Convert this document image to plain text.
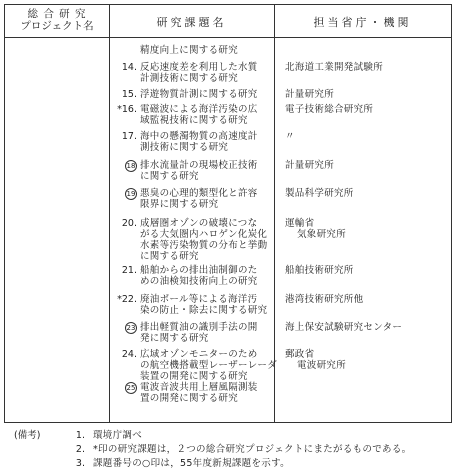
総 合 研 究
プロジェクト名	研究課題名	担当省庁・機関
精度向上に関する研究
14. 反応速度差を利用した水質
計測技術に関する研究
北海道工業開発試験所
15. 浮遊物質計測に関する研究	計量研究所
*16. 電磁波による海洋汚染の広
域監視技術に関する研究
電子技術総合研究所
17. 海中の懸濁物質の高速度計
測技術に関する研究
〃
18 排水流量計の現場校正技術
に関する研究
計量研究所
19 悪臭の心理的類型化と許容
限界に関する研究
製品科学研究所
20. 成層圏オゾンの破壊につな
がる大気圏内ハロゲン化炭化
水素等汚染物質の分布と挙動
に関する研究
運輸省
気象研究所
21. 船舶からの排出油制御のた
めの油検知技術向上の研究
船舶技術研究所
*22. 廃油ボール等による海洋汚
染の防止・除去に関する研究
港湾技術研究所他
23 排出軽質油の識別手法の開
発に関する研究
海上保安試験研究センター
24. 広域オゾンモニターのため
の航空機搭載型レーザーレーダ
装置の開発に関する研究
郵政省
電波研究所
25 電波音波共用上層風隔測装
置の開発に関する研究
(備考)	1. 環境庁調べ
2. *印の研究課題は，２つの総合研究プロジェクトにまたがるものである。
3. 課題番号の○印は，55年度新規課題を示す。
